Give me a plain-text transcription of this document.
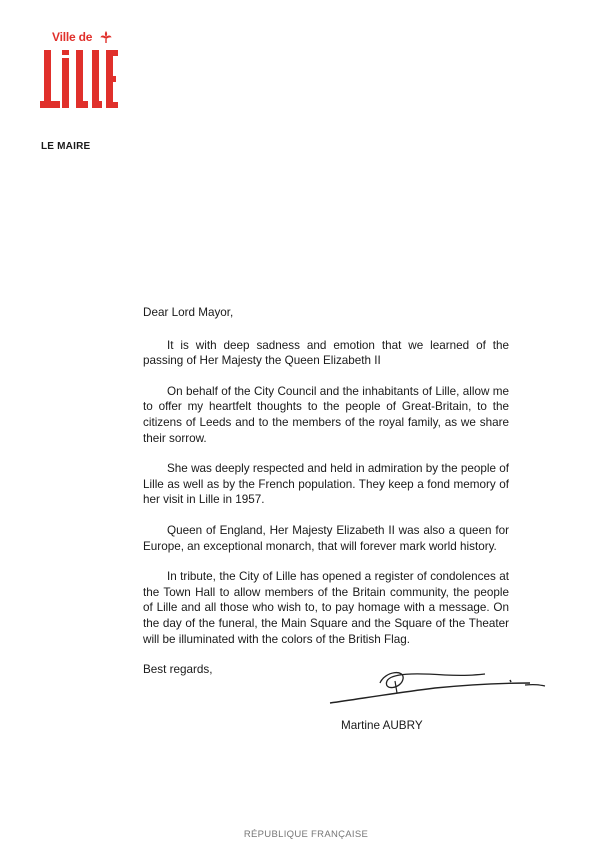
Ville de
LE MAIRE

Dear Lord Mayor,

It is with deep sadness and emotion that we learned of the passing of Her Majesty the Queen Elizabeth II

On behalf of the City Council and the inhabitants of Lille, allow me to offer my heartfelt thoughts to the people of Great-Britain, to the citizens of Leeds and to the members of the royal family, as we share their sorrow.

She was deeply respected and held in admiration by the people of Lille as well as by the French population. They keep a fond memory of her visit in Lille in 1957.

Queen of England, Her Majesty Elizabeth II was also a queen for Europe, an exceptional monarch, that will forever mark world history.

In tribute, the City of Lille has opened a register of condolences at the Town Hall to allow members of the Britain community, the people of Lille and all those who wish to, to pay homage with a message. On the day of the funeral, the Main Square and the Square of the Theater will be illuminated with the colors of the British Flag.

Best regards,

Martine AUBRY
RÉPUBLIQUE FRANÇAISE
